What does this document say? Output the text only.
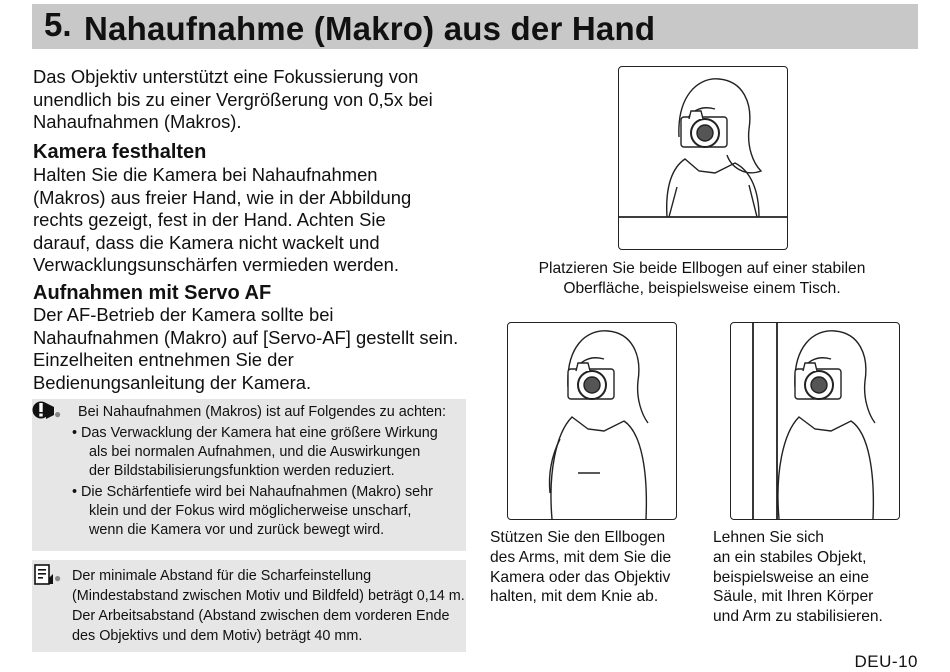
5. Nahaufnahme (Makro) aus der Hand
Das Objektiv unterstützt eine Fokussierung von
unendlich bis zu einer Vergrößerung von 0,5x bei
Nahaufnahmen (Makros).
Kamera festhalten
Halten Sie die Kamera bei Nahaufnahmen
(Makros) aus freier Hand, wie in der Abbildung
rechts gezeigt, fest in der Hand. Achten Sie
darauf, dass die Kamera nicht wackelt und
Verwacklungsunschärfen vermieden werden.
Aufnahmen mit Servo AF
Der AF-Betrieb der Kamera sollte bei
Nahaufnahmen (Makro) auf [Servo-AF] gestellt sein.
Einzelheiten entnehmen Sie der
Bedienungsanleitung der Kamera.
● Bei Nahaufnahmen (Makros) ist auf Folgendes zu achten:
• Das Verwacklung der Kamera hat eine größere Wirkung
als bei normalen Aufnahmen, und die Auswirkungen
der Bildstabilisierungsfunktion werden reduziert.
• Die Schärfentiefe wird bei Nahaufnahmen (Makro) sehr
klein und der Fokus wird möglicherweise unscharf,
wenn die Kamera vor und zurück bewegt wird.
● Der minimale Abstand für die Scharfeinstellung
(Mindestabstand zwischen Motiv und Bildfeld) beträgt 0,14 m.
Der Arbeitsabstand (Abstand zwischen dem vorderen Ende
des Objektivs und dem Motiv) beträgt 40 mm.
Platzieren Sie beide Ellbogen auf einer stabilen
Oberfläche, beispielsweise einem Tisch.
Stützen Sie den Ellbogen
des Arms, mit dem Sie die
Kamera oder das Objektiv
halten, mit dem Knie ab.
Lehnen Sie sich
an ein stabiles Objekt,
beispielsweise an eine
Säule, mit Ihren Körper
und Arm zu stabilisieren.
DEU-10
